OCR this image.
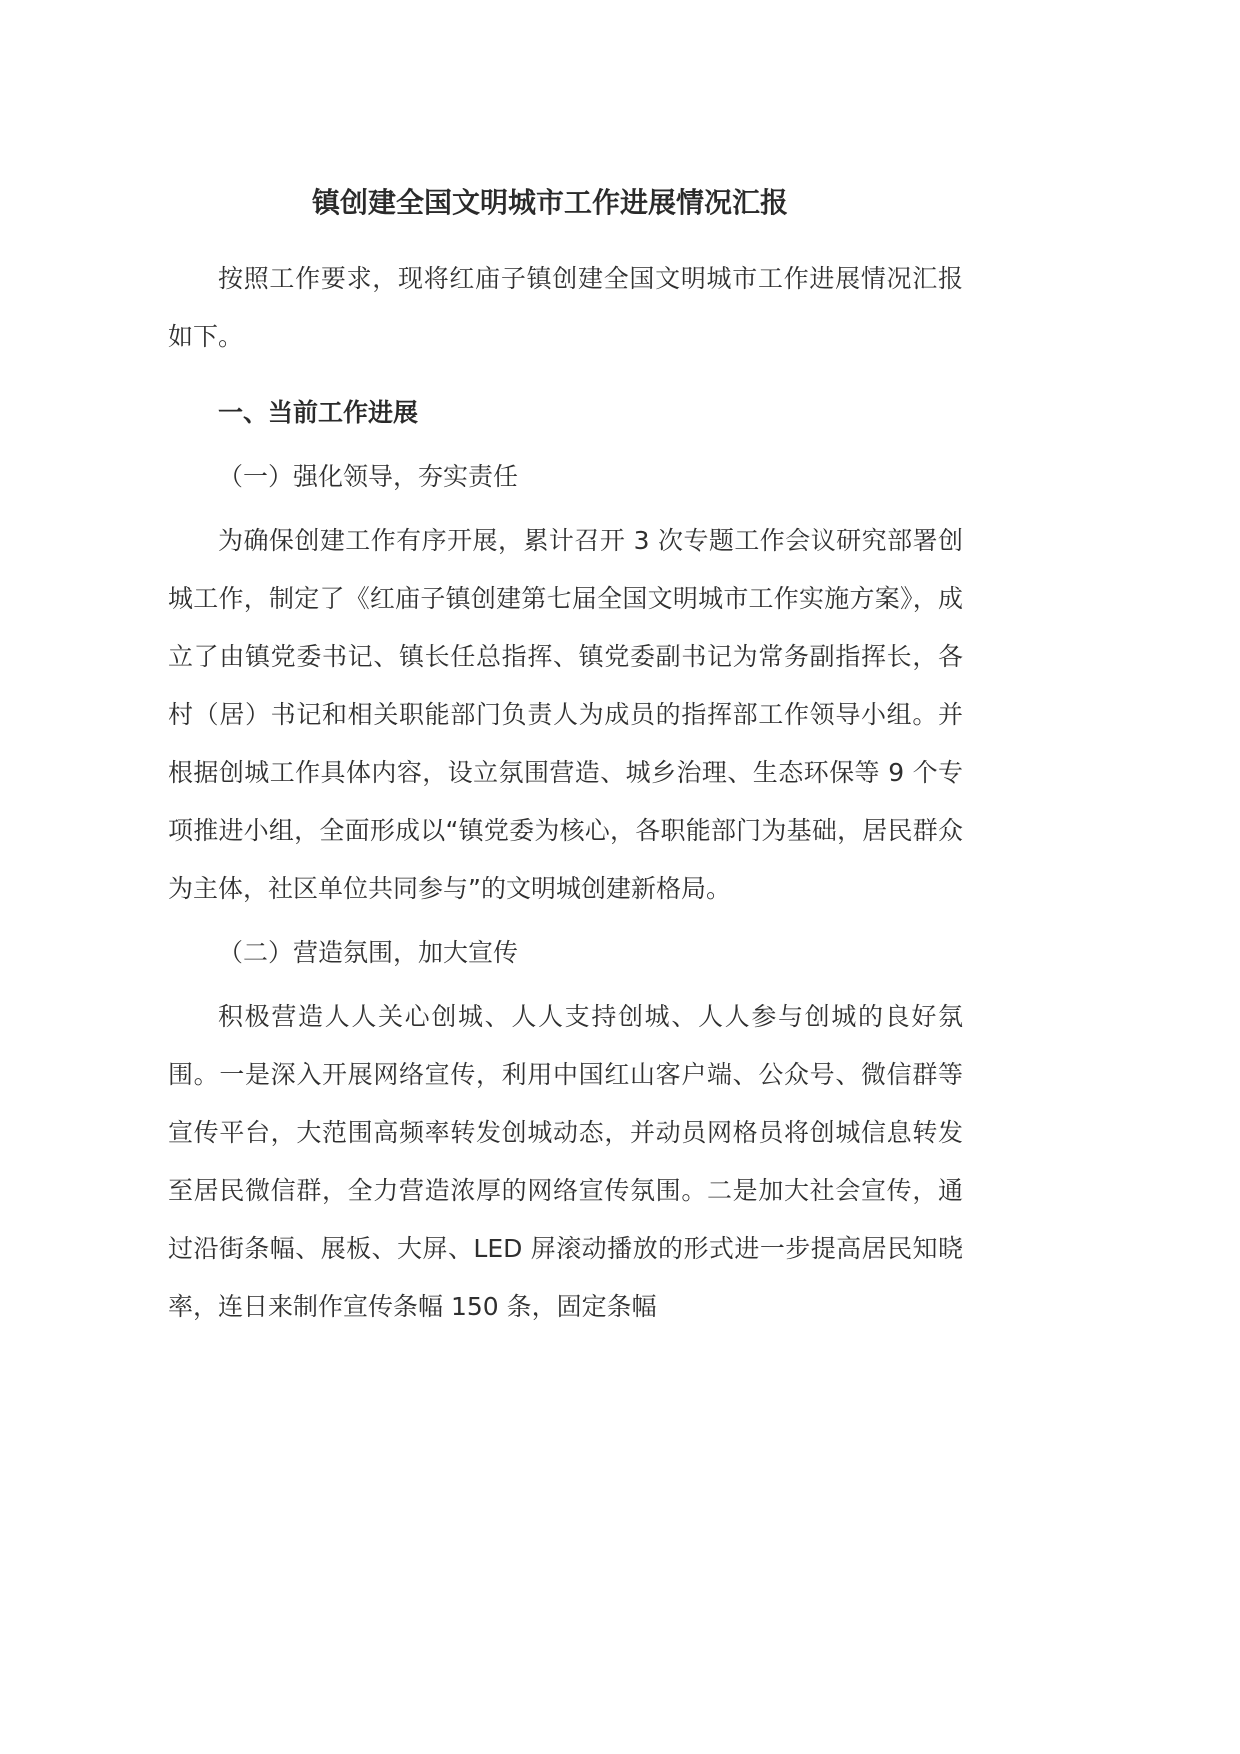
镇创建全国文明城市工作进展情况汇报

按照工作要求，现将红庙子镇创建全国文明城市工作进展情况汇报如下。

一、当前工作进展
（一）强化领导，夯实责任

为确保创建工作有序开展，累计召开 3 次专题工作会议研究部署创城工作，制定了《红庙子镇创建第七届全国文明城市工作实施方案》，成立了由镇党委书记、镇长任总指挥、镇党委副书记为常务副指挥长，各村（居）书记和相关职能部门负责人为成员的指挥部工作领导小组。并根据创城工作具体内容，设立氛围营造、城乡治理、生态环保等 9 个专项推进小组，全面形成以“镇党委为核心，各职能部门为基础，居民群众为主体，社区单位共同参与”的文明城创建新格局。

（二）营造氛围，加大宣传

积极营造人人关心创城、人人支持创城、人人参与创城的良好氛围。一是深入开展网络宣传，利用中国红山客户端、公众号、微信群等宣传平台，大范围高频率转发创城动态，并动员网格员将创城信息转发至居民微信群，全力营造浓厚的网络宣传氛围。二是加大社会宣传，通过沿街条幅、展板、大屏、LED 屏滚动播放的形式进一步提高居民知晓率，连日来制作宣传条幅 150 条，固定条幅
